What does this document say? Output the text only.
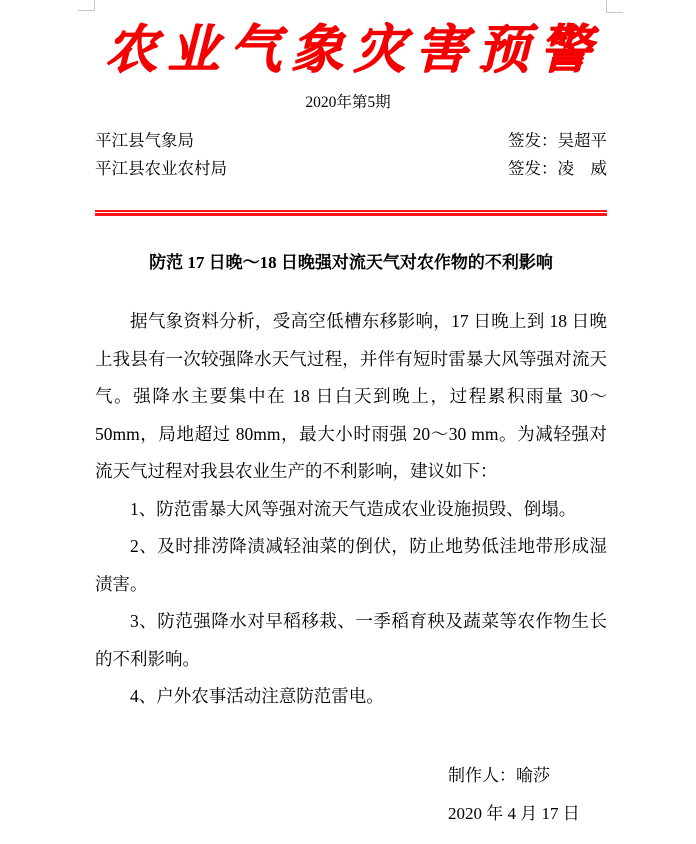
农业气象灾害预警
2020年第5期
平江县气象局	签发：吴超平
平江县农业农村局	签发：凌　威
防范 17 日晚～18 日晚强对流天气对农作物的不利影响

据气象资料分析，受高空低槽东移影响，17 日晚上到 18 日晚上我县有一次较强降水天气过程，并伴有短时雷暴大风等强对流天气。强降水主要集中在 18 日白天到晚上，过程累积雨量 30～50mm，局地超过 80mm，最大小时雨强 20～30 mm。为减轻强对流天气过程对我县农业生产的不利影响，建议如下：

1、防范雷暴大风等强对流天气造成农业设施损毁、倒塌。

2、及时排涝降渍减轻油菜的倒伏，防止地势低洼地带形成湿渍害。

3、防范强降水对早稻移栽、一季稻育秧及蔬菜等农作物生长的不利影响。

4、户外农事活动注意防范雷电。

制作人：喻莎
2020 年 4 月 17 日
